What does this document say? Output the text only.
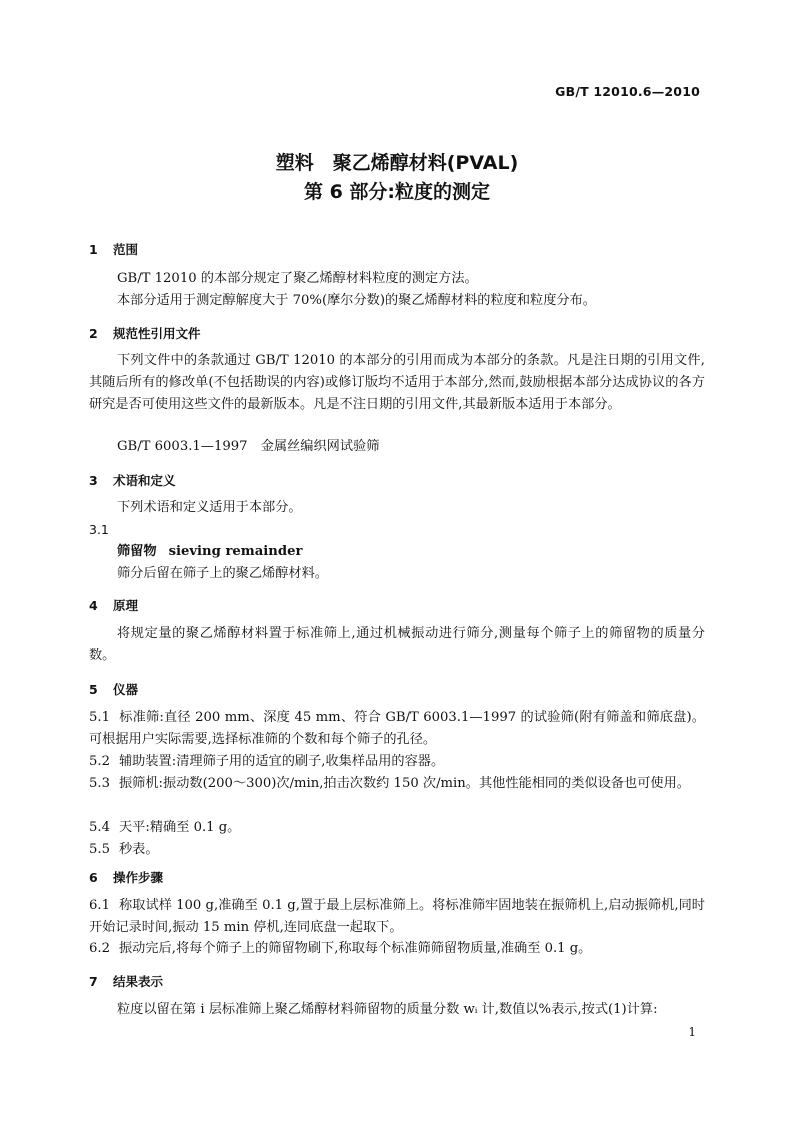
GB/T 12010.6—2010
塑料　聚乙烯醇材料(PVAL)
第 6 部分:粒度的测定
1 范围
GB/T 12010 的本部分规定了聚乙烯醇材料粒度的测定方法。
本部分适用于测定醇解度大于 70%(摩尔分数)的聚乙烯醇材料的粒度和粒度分布。
2 规范性引用文件
下列文件中的条款通过 GB/T 12010 的本部分的引用而成为本部分的条款。凡是注日期的引用文件,其随后所有的修改单(不包括勘误的内容)或修订版均不适用于本部分,然而,鼓励根据本部分达成协议的各方研究是否可使用这些文件的最新版本。凡是不注日期的引用文件,其最新版本适用于本部分。
GB/T 6003.1—1997　金属丝编织网试验筛
3 术语和定义
下列术语和定义适用于本部分。
3.1
筛留物 sieving remainder
筛分后留在筛子上的聚乙烯醇材料。
4 原理
将规定量的聚乙烯醇材料置于标准筛上,通过机械振动进行筛分,测量每个筛子上的筛留物的质量分数。
5 仪器
5.1 标准筛:直径 200 mm、深度 45 mm、符合 GB/T 6003.1—1997 的试验筛(附有筛盖和筛底盘)。可根据用户实际需要,选择标准筛的个数和每个筛子的孔径。
5.2 辅助装置:清理筛子用的适宜的刷子,收集样品用的容器。
5.3 振筛机:振动数(200～300)次/min,拍击次数约 150 次/min。其他性能相同的类似设备也可使用。
5.4 天平:精确至 0.1 g。
5.5 秒表。
6 操作步骤
6.1 称取试样 100 g,准确至 0.1 g,置于最上层标准筛上。将标准筛牢固地装在振筛机上,启动振筛机,同时开始记录时间,振动 15 min 停机,连同底盘一起取下。
6.2 振动完后,将每个筛子上的筛留物刷下,称取每个标准筛筛留物质量,准确至 0.1 g。
7 结果表示
粒度以留在第 i 层标准筛上聚乙烯醇材料筛留物的质量分数 wᵢ 计,数值以%表示,按式(1)计算:
1
